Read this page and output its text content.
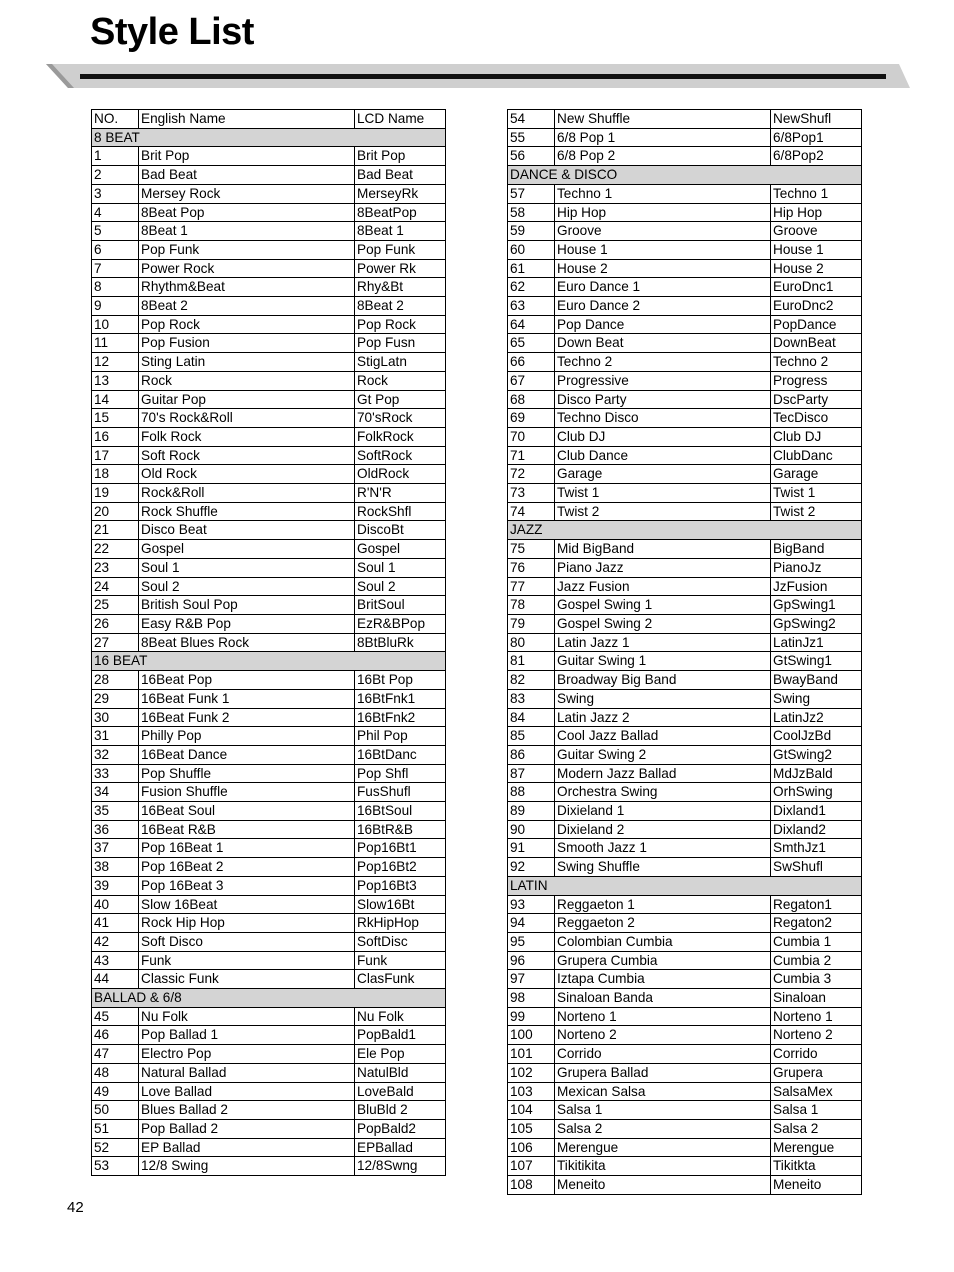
Style List
NO.	English Name	LCD Name
8 BEAT		
1	Brit Pop	Brit Pop
2	Bad Beat	Bad Beat
3	Mersey Rock	MerseyRk
4	8Beat Pop	8BeatPop
5	8Beat 1	8Beat 1
6	Pop Funk	Pop Funk
7	Power Rock	Power Rk
8	Rhythm&Beat	Rhy&Bt
9	8Beat 2	8Beat 2
10	Pop Rock	Pop Rock
11	Pop Fusion	Pop Fusn
12	Sting Latin	StigLatn
13	Rock	Rock
14	Guitar Pop	Gt Pop
15	70's Rock&Roll	70'sRock
16	Folk Rock	FolkRock
17	Soft Rock	SoftRock
18	Old Rock	OldRock
19	Rock&Roll	R'N'R
20	Rock Shuffle	RockShfl
21	Disco Beat	DiscoBt
22	Gospel	Gospel
23	Soul 1	Soul 1
24	Soul 2	Soul 2
25	British Soul Pop	BritSoul
26	Easy R&B Pop	EzR&BPop
27	8Beat Blues Rock	8BtBluRk
16 BEAT		
28	16Beat Pop	16Bt Pop
29	16Beat Funk 1	16BtFnk1
30	16Beat Funk 2	16BtFnk2
31	Philly Pop	Phil Pop
32	16Beat Dance	16BtDanc
33	Pop Shuffle	Pop Shfl
34	Fusion Shuffle	FusShufl
35	16Beat Soul	16BtSoul
36	16Beat R&B	16BtR&B
37	Pop 16Beat 1	Pop16Bt1
38	Pop 16Beat 2	Pop16Bt2
39	Pop 16Beat 3	Pop16Bt3
40	Slow 16Beat	Slow16Bt
41	Rock Hip Hop	RkHipHop
42	Soft Disco	SoftDisc
43	Funk	Funk
44	Classic Funk	ClasFunk
BALLAD & 6/8		
45	Nu Folk	Nu Folk
46	Pop Ballad 1	PopBald1
47	Electro Pop	Ele Pop
48	Natural Ballad	NatulBld
49	Love Ballad	LoveBald
50	Blues Ballad 2	BluBld 2
51	Pop Ballad 2	PopBald2
52	EP Ballad	EPBallad
53	12/8 Swing	12/8Swng
54	New Shuffle	NewShufl
55	6/8 Pop 1	6/8Pop1
56	6/8 Pop 2	6/8Pop2
DANCE & DISCO		
57	Techno 1	Techno 1
58	Hip Hop	Hip Hop
59	Groove	Groove
60	House 1	House 1
61	House 2	House 2
62	Euro Dance 1	EuroDnc1
63	Euro Dance 2	EuroDnc2
64	Pop Dance	PopDance
65	Down Beat	DownBeat
66	Techno 2	Techno 2
67	Progressive	Progress
68	Disco Party	DscParty
69	Techno Disco	TecDisco
70	Club DJ	Club DJ
71	Club Dance	ClubDanc
72	Garage	Garage
73	Twist 1	Twist 1
74	Twist 2	Twist 2
JAZZ		
75	Mid BigBand	BigBand
76	Piano Jazz	PianoJz
77	Jazz Fusion	JzFusion
78	Gospel Swing 1	GpSwing1
79	Gospel Swing 2	GpSwing2
80	Latin Jazz 1	LatinJz1
81	Guitar Swing 1	GtSwing1
82	Broadway Big Band	BwayBand
83	Swing	Swing
84	Latin Jazz 2	LatinJz2
85	Cool Jazz Ballad	CoolJzBd
86	Guitar Swing 2	GtSwing2
87	Modern Jazz Ballad	MdJzBald
88	Orchestra Swing	OrhSwing
89	Dixieland 1	Dixland1
90	Dixieland 2	Dixland2
91	Smooth Jazz 1	SmthJz1
92	Swing Shuffle	SwShufl
LATIN		
93	Reggaeton 1	Regaton1
94	Reggaeton 2	Regaton2
95	Colombian Cumbia	Cumbia 1
96	Grupera Cumbia	Cumbia 2
97	Iztapa Cumbia	Cumbia 3
98	Sinaloan Banda	Sinaloan
99	Norteno 1	Norteno 1
100	Norteno 2	Norteno 2
101	Corrido	Corrido
102	Grupera Ballad	Grupera
103	Mexican Salsa	SalsaMex
104	Salsa 1	Salsa 1
105	Salsa 2	Salsa 2
106	Merengue	Merengue
107	Tikitikita	Tikitkta
108	Meneito	Meneito
42
